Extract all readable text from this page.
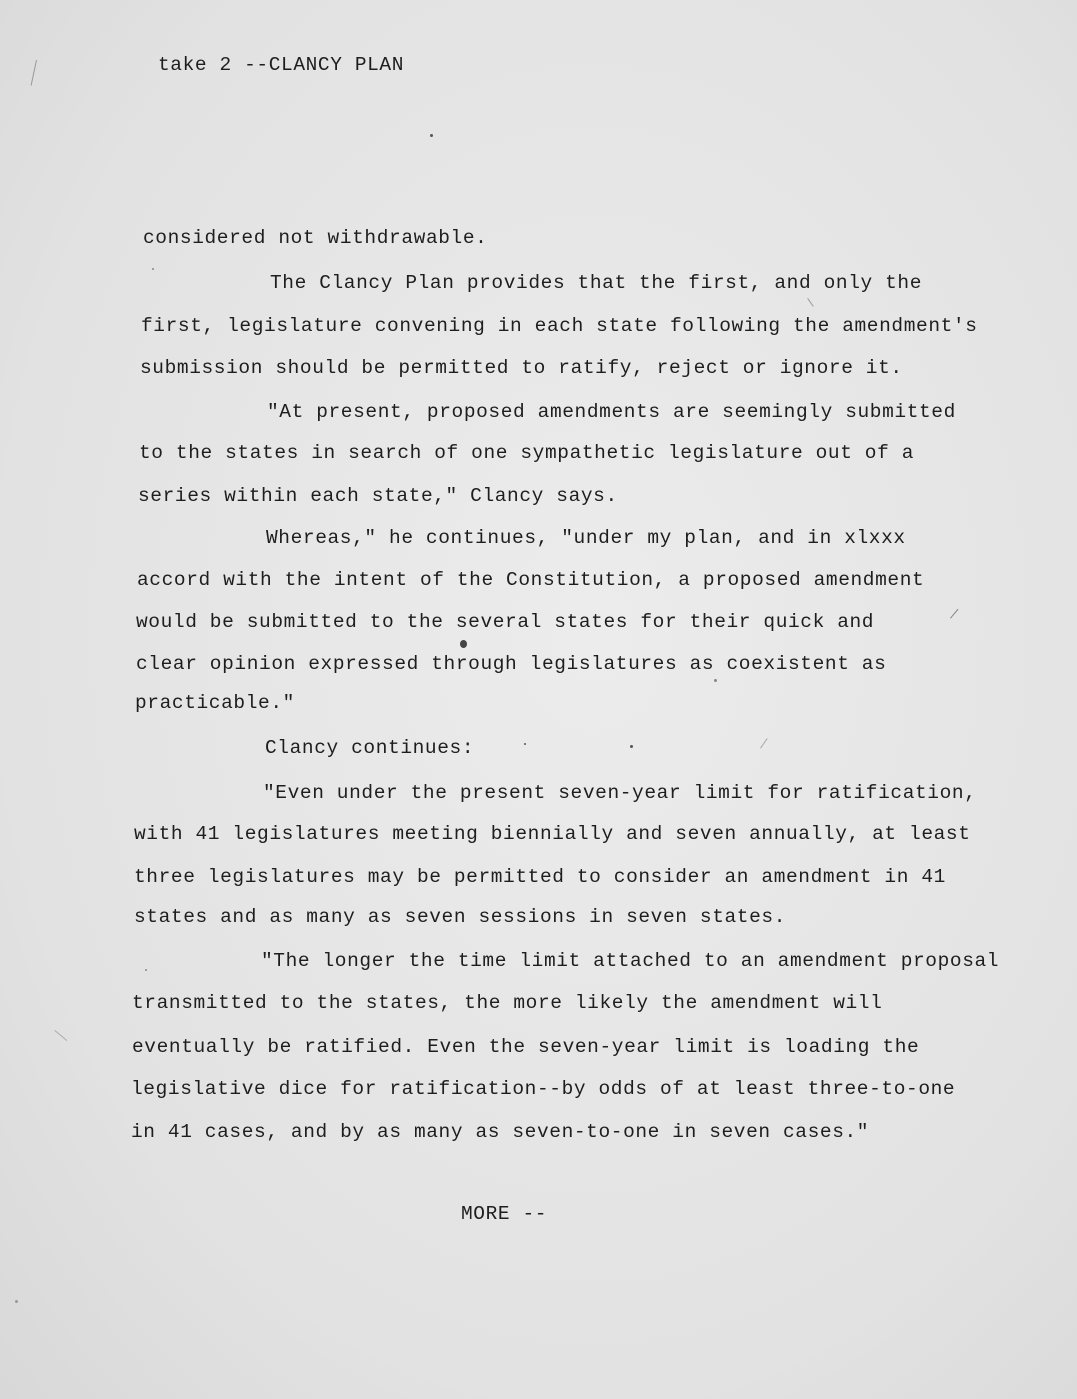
take 2 --CLANCY PLAN
considered not withdrawable.
The Clancy Plan provides that the first, and only the
first, legislature convening in each state following the amendment's
submission should be permitted to ratify, reject or ignore it.
"At present, proposed amendments are seemingly submitted
to the states in search of one sympathetic legislature out of a
series within each state," Clancy says.
Whereas," he continues, "under my plan, and in xlxxx
accord with the intent of the Constitution, a proposed amendment
would be submitted to the several states for their quick and
clear opinion expressed through legislatures as coexistent as
practicable."
Clancy continues:
"Even under the present seven-year limit for ratification,
with 41 legislatures meeting biennially and seven annually, at least
three legislatures may be permitted to consider an amendment in 41
states and as many as seven sessions in seven states.
"The longer the time limit attached to an amendment proposal
transmitted to the states, the more likely the amendment will
eventually be ratified. Even the seven-year limit is loading the
legislative dice for ratification--by odds of at least three-to-one
in 41 cases, and by as many as seven-to-one in seven cases."
MORE --
